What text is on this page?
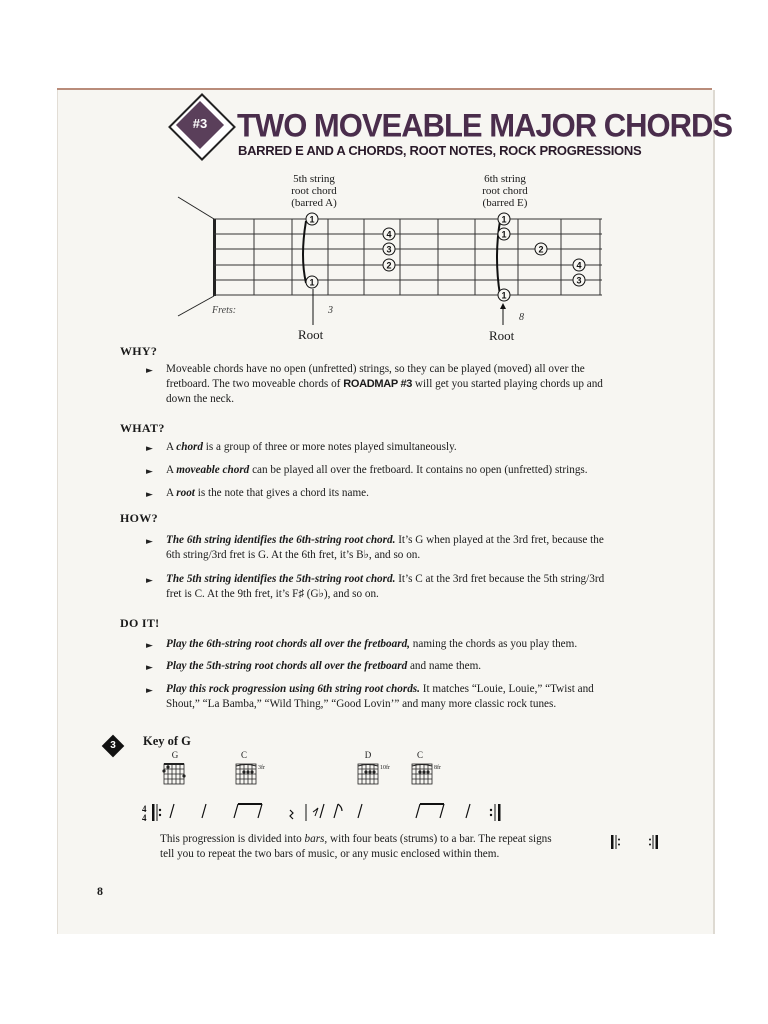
#3 TWO MOVEABLE MAJOR CHORDS
BARRED E AND A CHORDS, ROOT NOTES, ROCK PROGRESSIONS
5th string
root chord
(barred A)
6th string
root chord
(barred E)
1
1
4
3
2
1
1
2
4
3
1
Frets:	3
8
Root	Root
WHY?
► Moveable chords have no open (unfretted) strings, so they can be played (moved) all over the fretboard. The two moveable chords of ROADMAP #3 will get you started playing chords up and down the neck.
WHAT?
► A chord is a group of three or more notes played simultaneously.
► A moveable chord can be played all over the fretboard. It contains no open (unfretted) strings.
► A root is the note that gives a chord its name.
HOW?
► The 6th string identifies the 6th-string root chord. It’s G when played at the 3rd fret, because the 6th string/3rd fret is G. At the 6th fret, it’s B♭, and so on.
► The 5th string identifies the 5th-string root chord. It’s C at the 3rd fret because the 5th string/3rd fret is C. At the 9th fret, it’s F♯ (G♭), and so on.
DO IT!
► Play the 6th-string root chords all over the fretboard, naming the chords as you play them.
► Play the 5th-string root chords all over the fretboard and name them.
► Play this rock progression using 6th string root chords. It matches “Louie, Louie,” “Twist and Shout,” “La Bamba,” “Wild Thing,” “Good Lovin’” and many more classic rock tunes.
3	Key of G
G	C	D	C
3fr	10fr	8fr
4
4
This progression is divided into bars, with four beats (strums) to a bar. The repeat signs
tell you to repeat the two bars of music, or any music enclosed within them.
8
